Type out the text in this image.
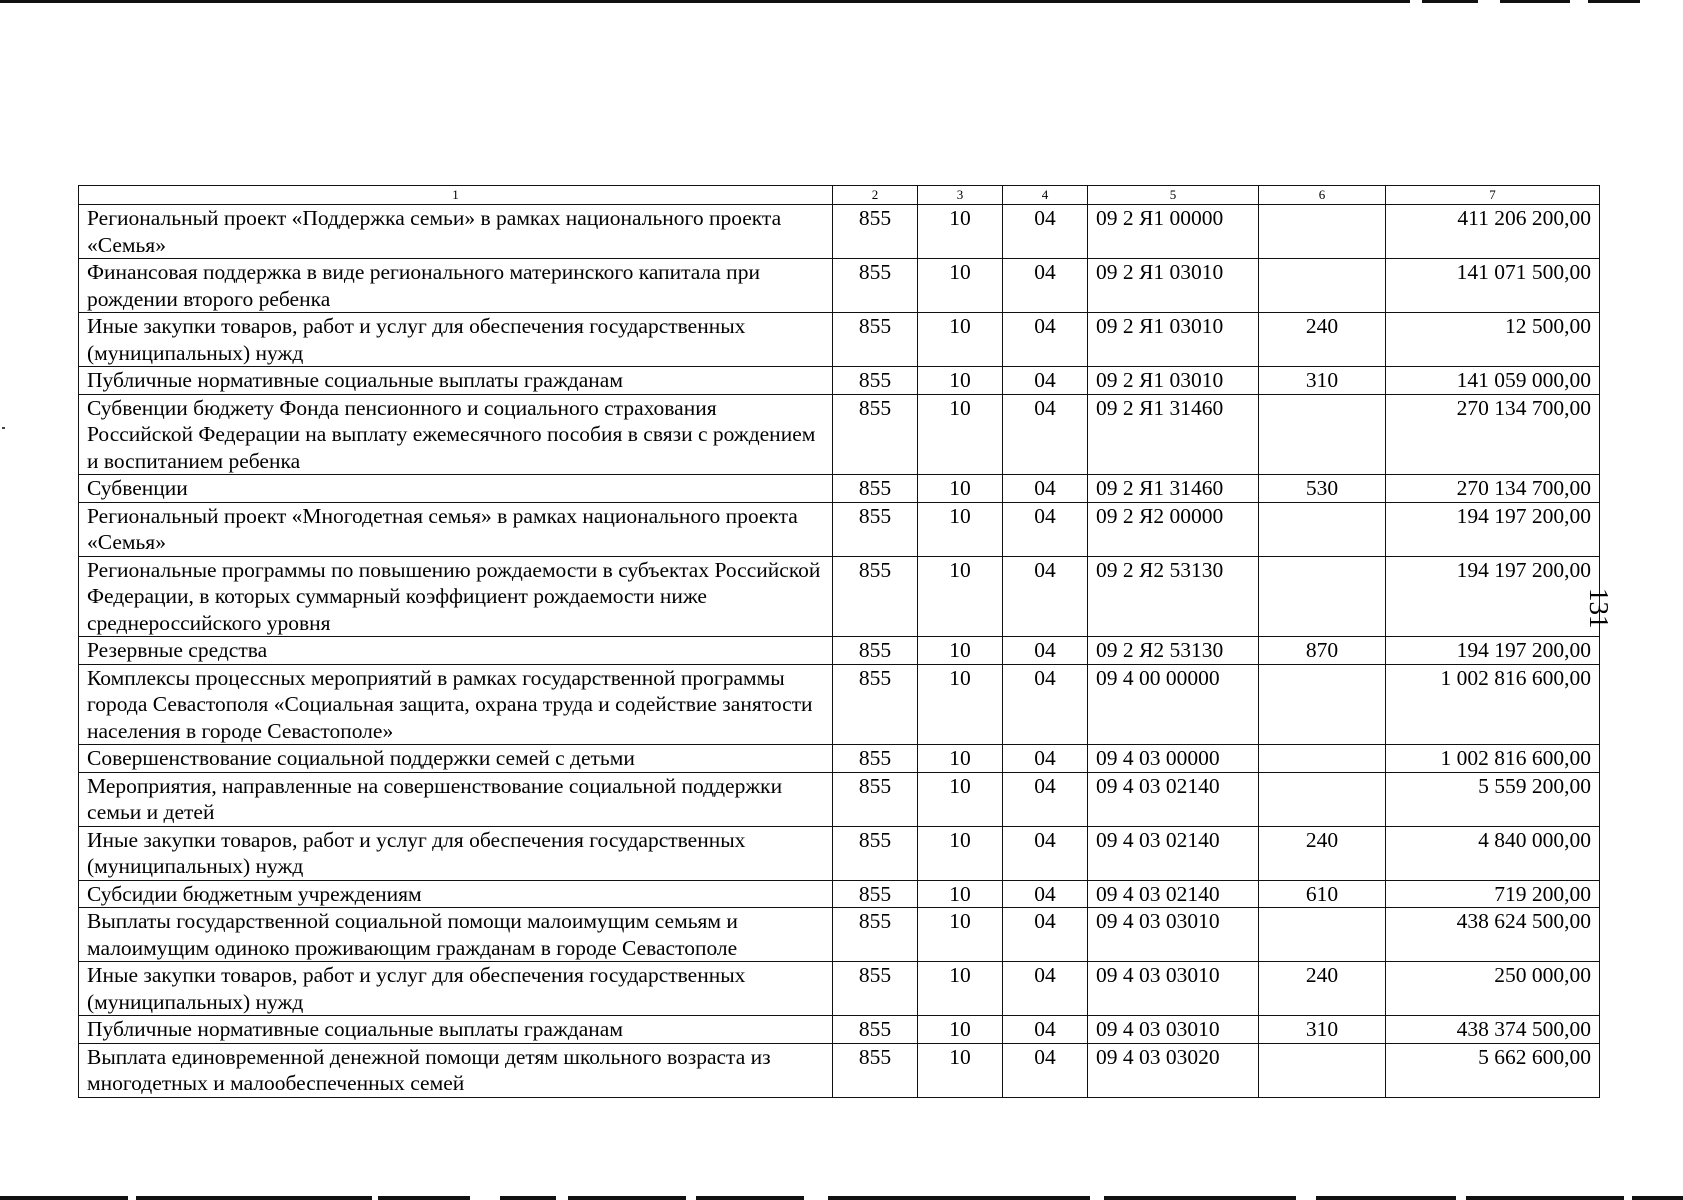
1	2	3	4	5	6	7
Региональный проект «Поддержка семьи» в рамках национального проекта «Семья»	855	10	04	09 2 Я1 00000		411 206 200,00
Финансовая поддержка в виде регионального материнского капитала при рождении второго ребенка	855	10	04	09 2 Я1 03010		141 071 500,00
Иные закупки товаров, работ и услуг для обеспечения государственных (муниципальных) нужд	855	10	04	09 2 Я1 03010	240	12 500,00
Публичные нормативные социальные выплаты гражданам	855	10	04	09 2 Я1 03010	310	141 059 000,00
Субвенции бюджету Фонда пенсионного и социального страхования Российской Федерации на выплату ежемесячного пособия в связи с рождением и воспитанием ребенка	855	10	04	09 2 Я1 31460		270 134 700,00
Субвенции	855	10	04	09 2 Я1 31460	530	270 134 700,00
Региональный проект «Многодетная семья» в рамках национального проекта «Семья»	855	10	04	09 2 Я2 00000		194 197 200,00
Региональные программы по повышению рождаемости в субъектах Российской Федерации, в которых суммарный коэффициент рождаемости ниже среднероссийского уровня	855	10	04	09 2 Я2 53130		194 197 200,00
Резервные средства	855	10	04	09 2 Я2 53130	870	194 197 200,00
Комплексы процессных мероприятий в рамках государственной программы города Севастополя «Социальная защита, охрана труда и содействие занятости населения в городе Севастополе»	855	10	04	09 4 00 00000		1 002 816 600,00
Совершенствование социальной поддержки семей с детьми	855	10	04	09 4 03 00000		1 002 816 600,00
Мероприятия, направленные на совершенствование социальной поддержки семьи и детей	855	10	04	09 4 03 02140		5 559 200,00
Иные закупки товаров, работ и услуг для обеспечения государственных (муниципальных) нужд	855	10	04	09 4 03 02140	240	4 840 000,00
Субсидии бюджетным учреждениям	855	10	04	09 4 03 02140	610	719 200,00
Выплаты государственной социальной помощи малоимущим семьям и малоимущим одиноко проживающим гражданам в городе Севастополе	855	10	04	09 4 03 03010		438 624 500,00
Иные закупки товаров, работ и услуг для обеспечения государственных (муниципальных) нужд	855	10	04	09 4 03 03010	240	250 000,00
Публичные нормативные социальные выплаты гражданам	855	10	04	09 4 03 03010	310	438 374 500,00
Выплата единовременной денежной помощи детям школьного возраста из многодетных и малообеспеченных семей	855	10	04	09 4 03 03020		5 662 600,00
131
